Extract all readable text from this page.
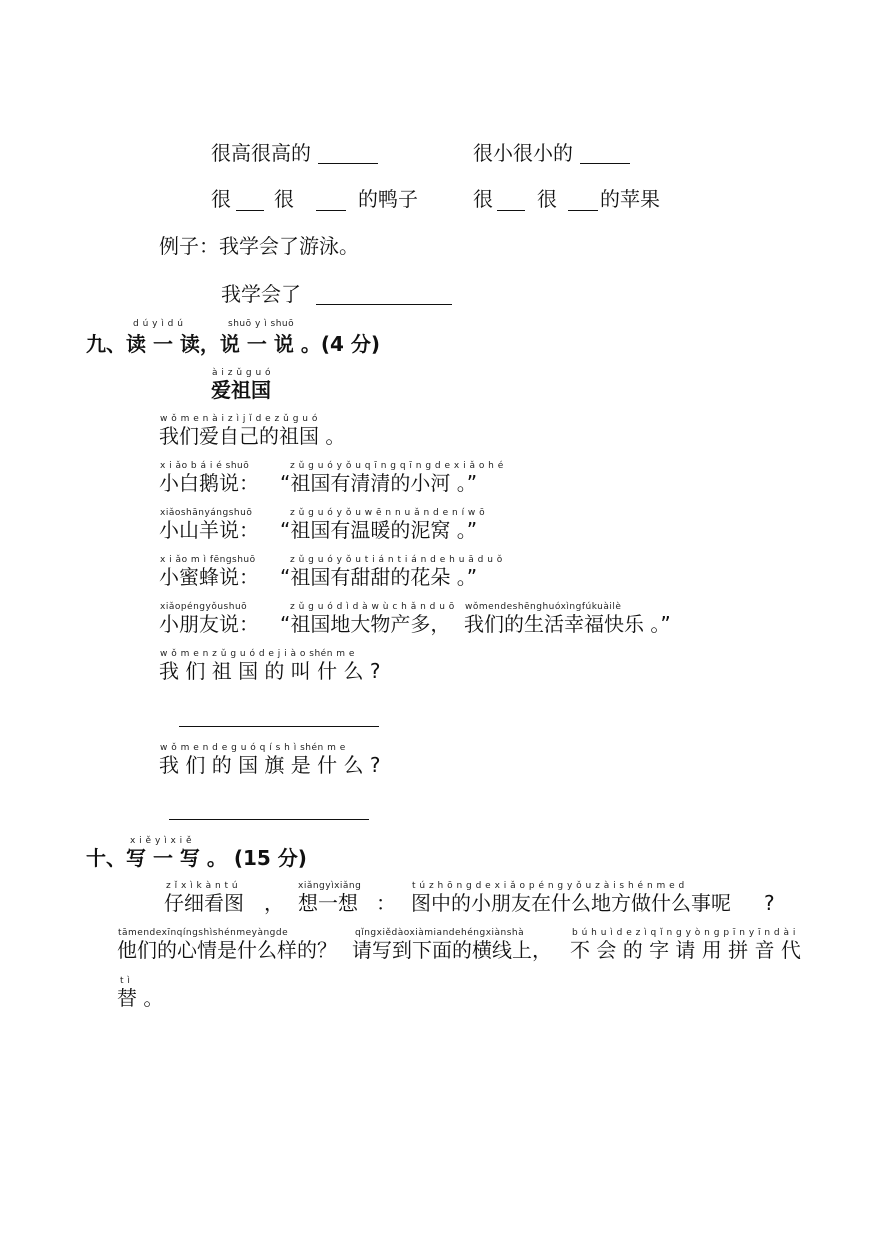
很高很高的	很小很小的
很 很	的鸭子	很 很 的苹果
例子：我学会了游泳。
我学会了
d ú y ì d ú	shuō y ì shuō
九、读 一 读，说 一 说 。(4 分)
à i z ǔ g u ó
爱祖国
w ǒ m e n à i z ì j ǐ d e z ǔ g u ó
我们爱自己的祖国 。
x i ǎo b á i é shuō	z ǔ g u ó y ǒ u q ī n g q ī n g d e x i ǎ o h é
小白鹅说： “祖国有清清的小河 。”
xiǎoshānyángshuō	z ǔ g u ó y ǒ u w ē n n u ǎ n d e n í w ō
小山羊说： “祖国有温暖的泥窝 。”
x i ǎo m ì fēngshuō	z ǔ g u ó y ǒ u t i á n t i á n d e h u ā d u ǒ
小蜜蜂说： “祖国有甜甜的花朵 。”
xiǎopéngyǒushuō	z ǔ g u ó d ì d à w ù c h ǎ n d u ō wǒmendeshēnghuóxìngfúkuàilè
小朋友说： “祖国地大物产多， 我们的生活幸福快乐 。”
w ǒ m e n z ǔ g u ó d e j i à o shén m e
我 们 祖 国 的 叫 什 么 ?
w ǒ m e n d e g u ó q í s h ì shén m e
我 们 的 国 旗 是 什 么 ?
x i ě y ì x i ě
十、写 一 写 。 (15 分)
z ǐ x ì k à n t ú	xiǎngyìxiǎng	t ú z h ō n g d e x i ǎ o p é n g y ǒ u z à i s h é n m e d
仔细看图 ， 想一想 ： 图中的小朋友在什么地方做什么事呢 ?
tāmendexīnqíngshìshénmeyàngde	qǐngxiědàoxiàmiandehéngxiànshà	b ú h u ì d e z ì q ǐ n g y ò n g p ī n y ī n d à i
他们的心情是什么样的？ 请写到下面的横线上， 不 会 的 字 请 用 拼 音 代
t ì
替 。
